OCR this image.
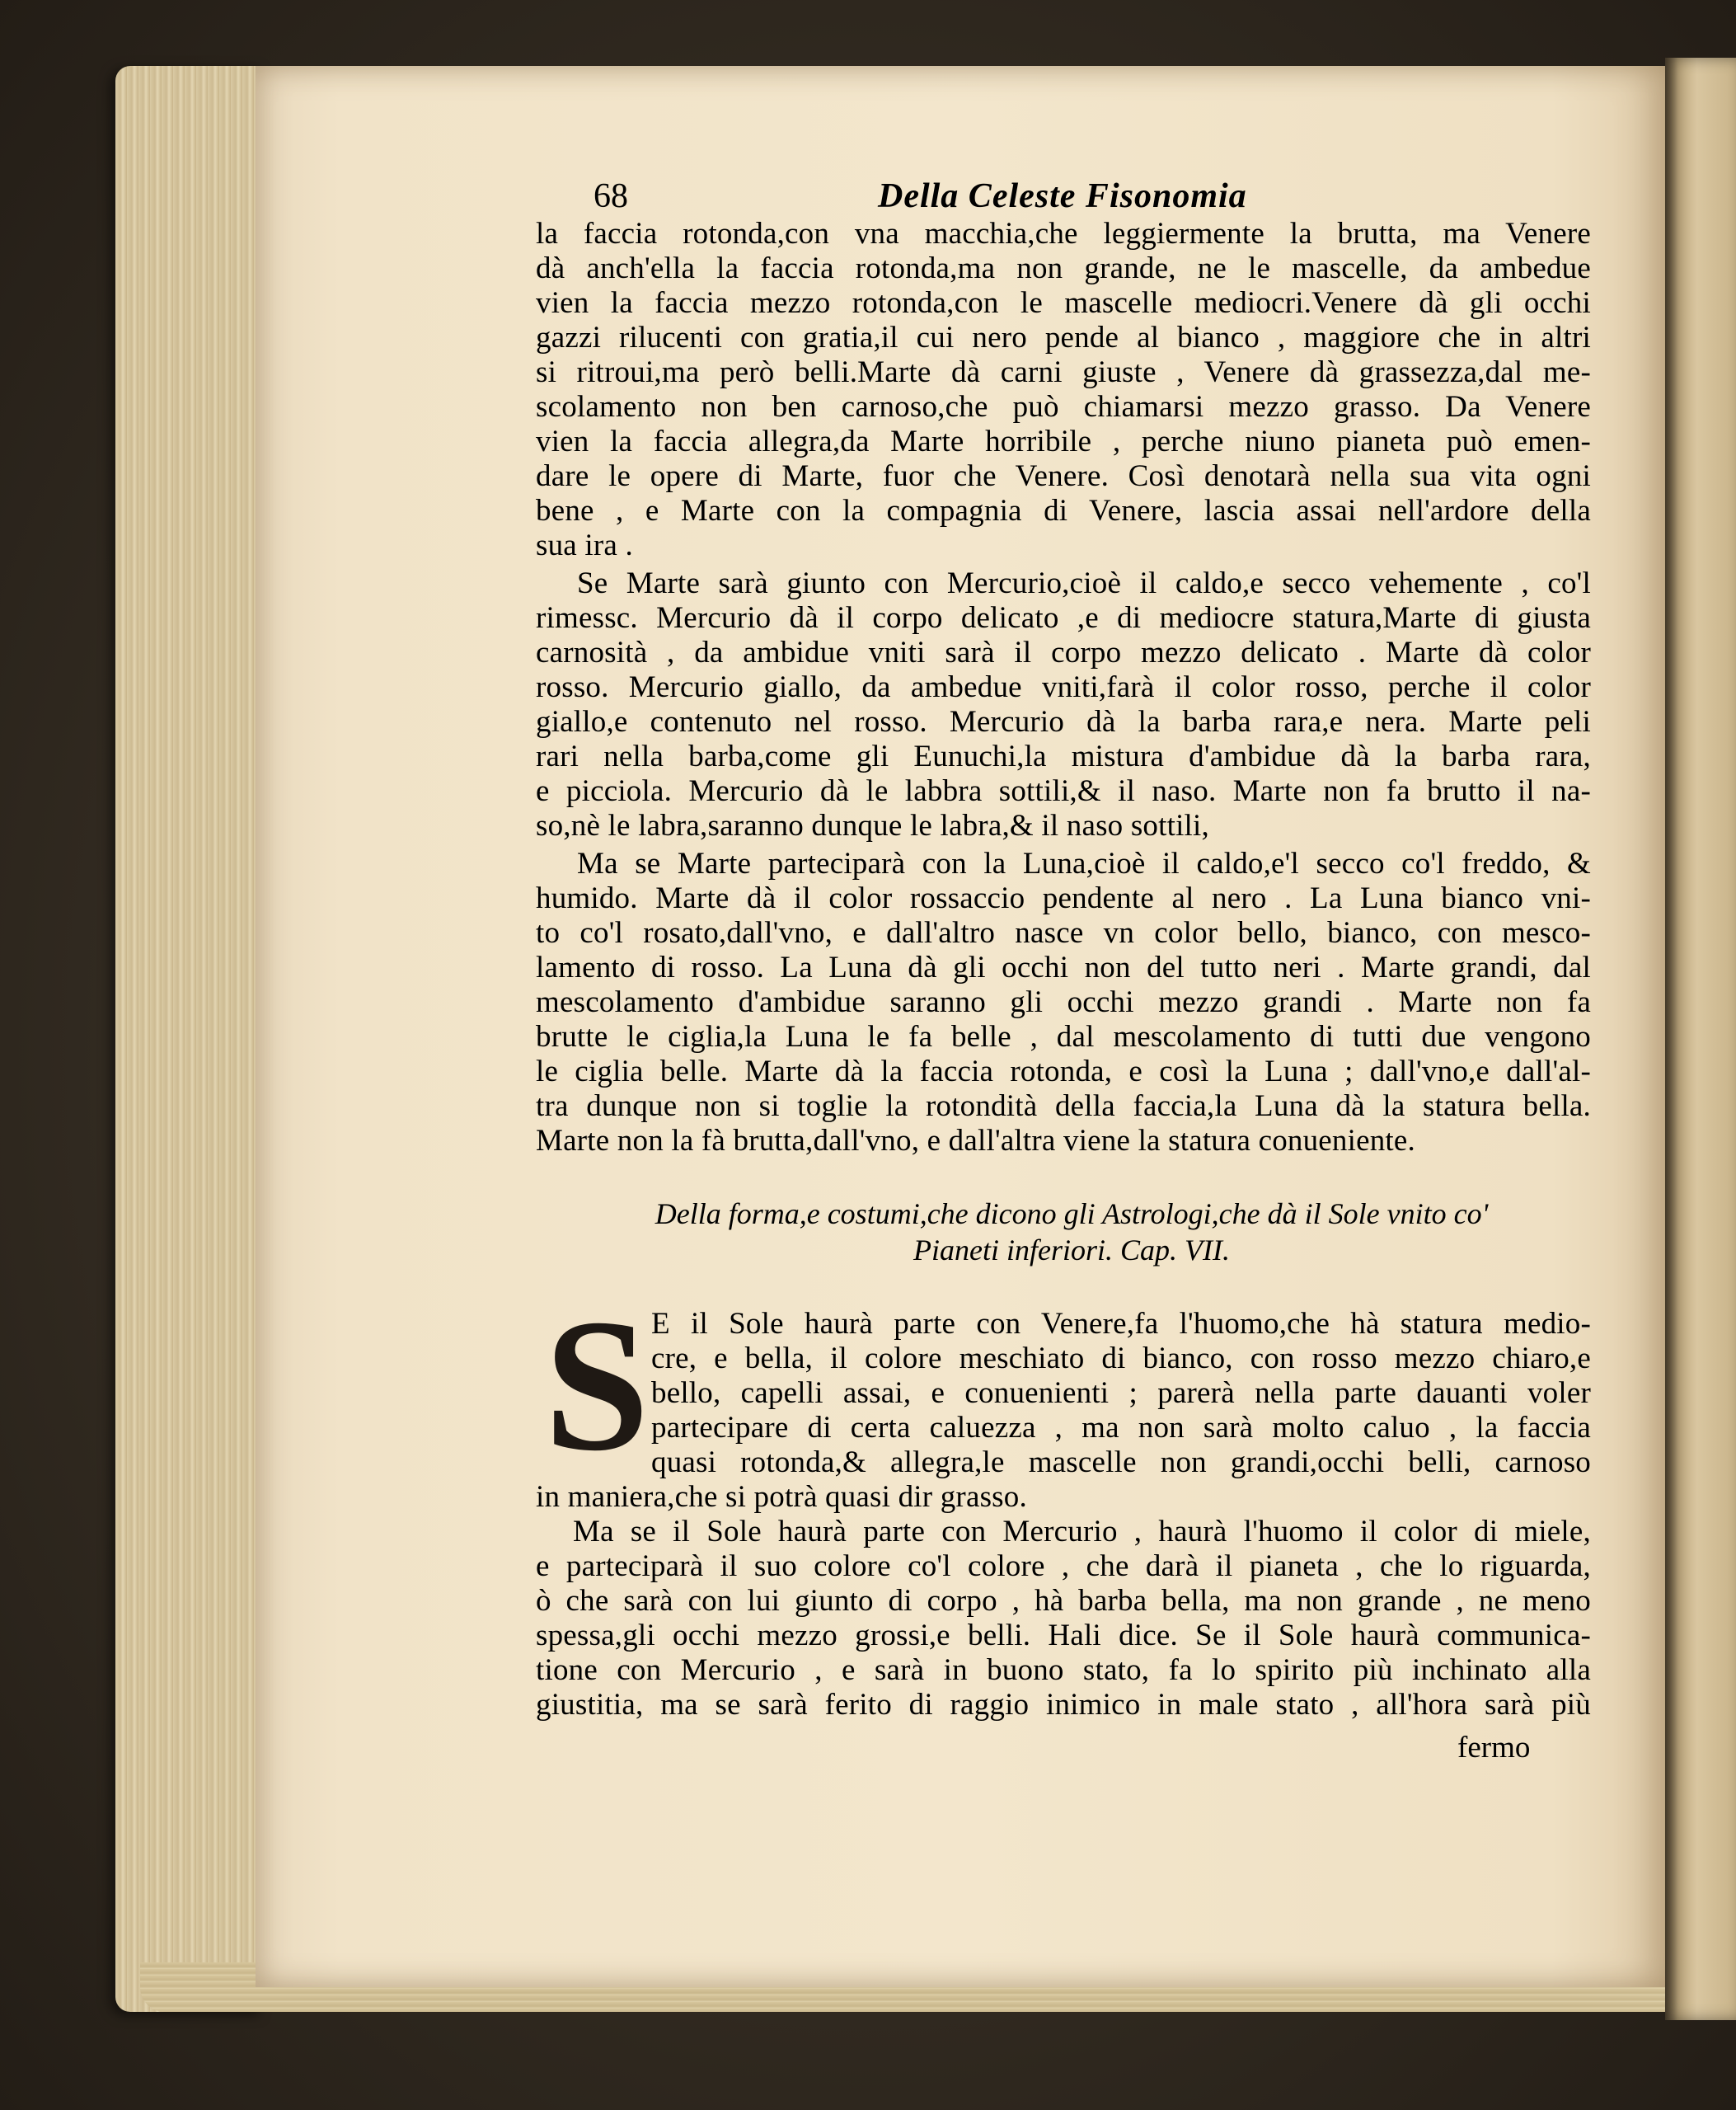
68	Della Celeste Fisonomia
la faccia rotonda,con vna macchia,che leggiermente la brutta, ma Venere
dà anch'ella la faccia rotonda,ma non grande, ne le mascelle, da ambedue
vien la faccia mezzo rotonda,con le mascelle mediocri.Venere dà gli occhi
gazzi rilucenti con gratia,il cui nero pende al bianco , maggiore che in altri
si ritroui,ma però belli.Marte dà carni giuste , Venere dà grassezza,dal me-
scolamento non ben carnoso,che può chiamarsi mezzo grasso. Da Venere
vien la faccia allegra,da Marte horribile , perche niuno pianeta può emen-
dare le opere di Marte, fuor che Venere. Così denotarà nella sua vita ogni
bene , e Marte con la compagnia di Venere, lascia assai nell'ardore della
sua ira .
Se Marte sarà giunto con Mercurio,cioè il caldo,e secco vehemente , co'l
rimessc. Mercurio dà il corpo delicato ,e di mediocre statura,Marte di giusta
carnosità , da ambidue vniti sarà il corpo mezzo delicato . Marte dà color
rosso. Mercurio giallo, da ambedue vniti,farà il color rosso, perche il color
giallo,e contenuto nel rosso. Mercurio dà la barba rara,e nera. Marte peli
rari nella barba,come gli Eunuchi,la mistura d'ambidue dà la barba rara,
e picciola. Mercurio dà le labbra sottili,& il naso. Marte non fa brutto il na-
so,nè le labra,saranno dunque le labra,& il naso sottili,
Ma se Marte parteciparà con la Luna,cioè il caldo,e'l secco co'l freddo, &
humido. Marte dà il color rossaccio pendente al nero . La Luna bianco vni-
to co'l rosato,dall'vno, e dall'altro nasce vn color bello, bianco, con mesco-
lamento di rosso. La Luna dà gli occhi non del tutto neri . Marte grandi, dal
mescolamento d'ambidue saranno gli occhi mezzo grandi . Marte non fa
brutte le ciglia,la Luna le fa belle , dal mescolamento di tutti due vengono
le ciglia belle. Marte dà la faccia rotonda, e così la Luna ; dall'vno,e dall'al-
tra dunque non si toglie la rotondità della faccia,la Luna dà la statura bella.
Marte non la fà brutta,dall'vno, e dall'altra viene la statura conueniente.
Della forma,e costumi,che dicono gli Astrologi,che dà il Sole vnito co'
Pianeti inferiori. Cap. VII.
S E il Sole haurà parte con Venere,fa l'huomo,che hà statura medio-
cre, e bella, il colore meschiato di bianco, con rosso mezzo chiaro,e
bello, capelli assai, e conuenienti ; parerà nella parte dauanti voler
partecipare di certa caluezza , ma non sarà molto caluo , la faccia
quasi rotonda,& allegra,le mascelle non grandi,occhi belli, carnoso
in maniera,che si potrà quasi dir grasso.
Ma se il Sole haurà parte con Mercurio , haurà l'huomo il color di miele,
e parteciparà il suo colore co'l colore , che darà il pianeta , che lo riguarda,
ò che sarà con lui giunto di corpo , hà barba bella, ma non grande , ne meno
spessa,gli occhi mezzo grossi,e belli. Hali dice. Se il Sole haurà communica-
tione con Mercurio , e sarà in buono stato, fa lo spirito più inchinato alla
giustitia, ma se sarà ferito di raggio inimico in male stato , all'hora sarà più
fermo
